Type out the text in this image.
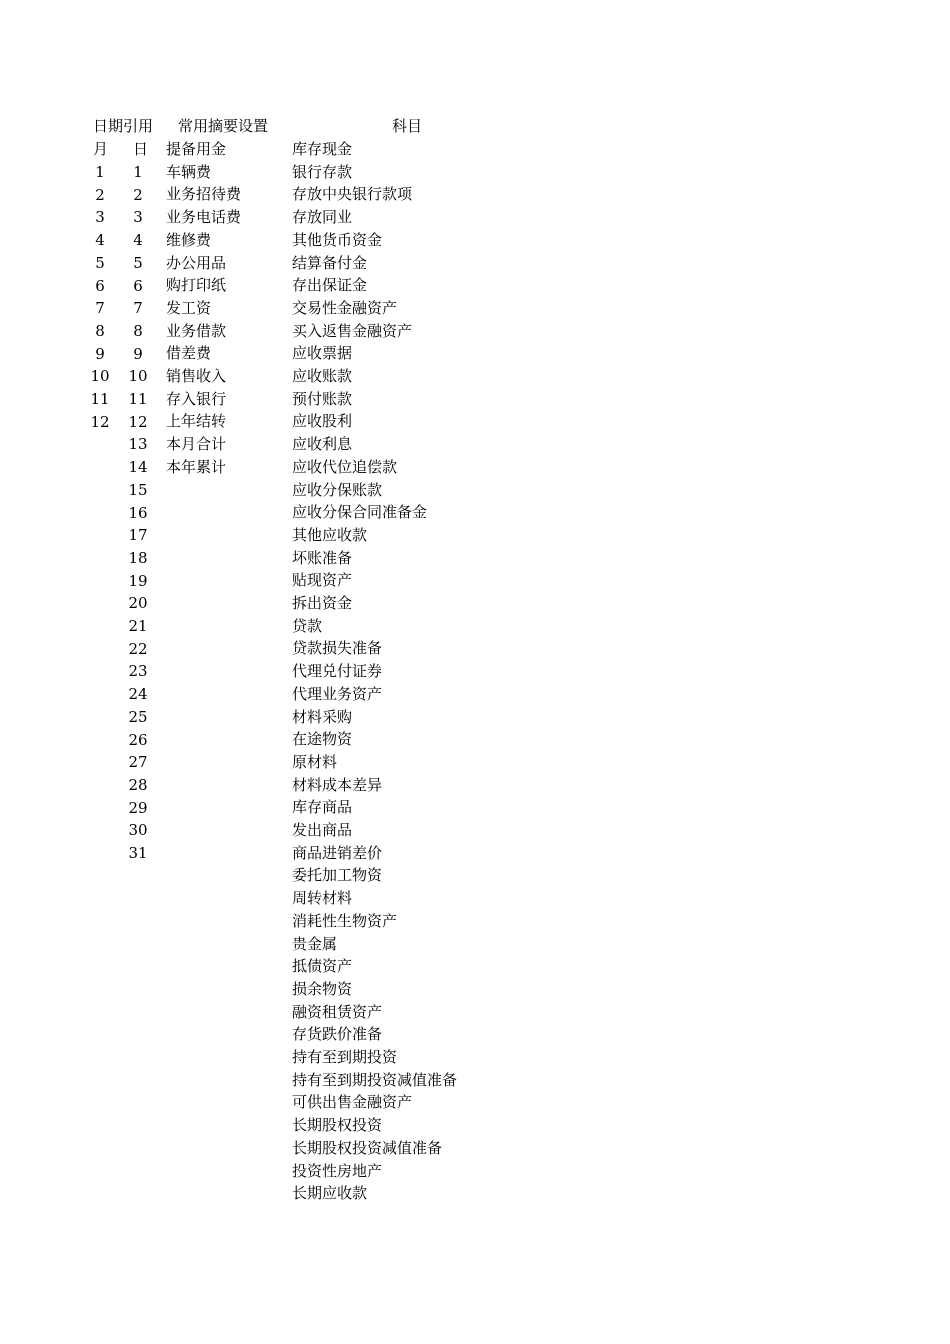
日期引用 常用摘要设置	科目
月 日
1
2
3
4
5
6
7
8
9
10
11
12
1
2
3
4
5
6
7
8
9
10
11
12
13
14
15
16
17
18
19
20
21
22
23
24
25
26
27
28
29
30
31
提备用金
车辆费
业务招待费
业务电话费
维修费
办公用品
购打印纸
发工资
业务借款
借差费
销售收入
存入银行
上年结转
本月合计
本年累计
库存现金
银行存款
存放中央银行款项
存放同业
其他货币资金
结算备付金
存出保证金
交易性金融资产
买入返售金融资产
应收票据
应收账款
预付账款
应收股利
应收利息
应收代位追偿款
应收分保账款
应收分保合同准备金
其他应收款
坏账准备
贴现资产
拆出资金
贷款
贷款损失准备
代理兑付证券
代理业务资产
材料采购
在途物资
原材料
材料成本差异
库存商品
发出商品
商品进销差价
委托加工物资
周转材料
消耗性生物资产
贵金属
抵债资产
损余物资
融资租赁资产
存货跌价准备
持有至到期投资
持有至到期投资减值准备
可供出售金融资产
长期股权投资
长期股权投资减值准备
投资性房地产
长期应收款
